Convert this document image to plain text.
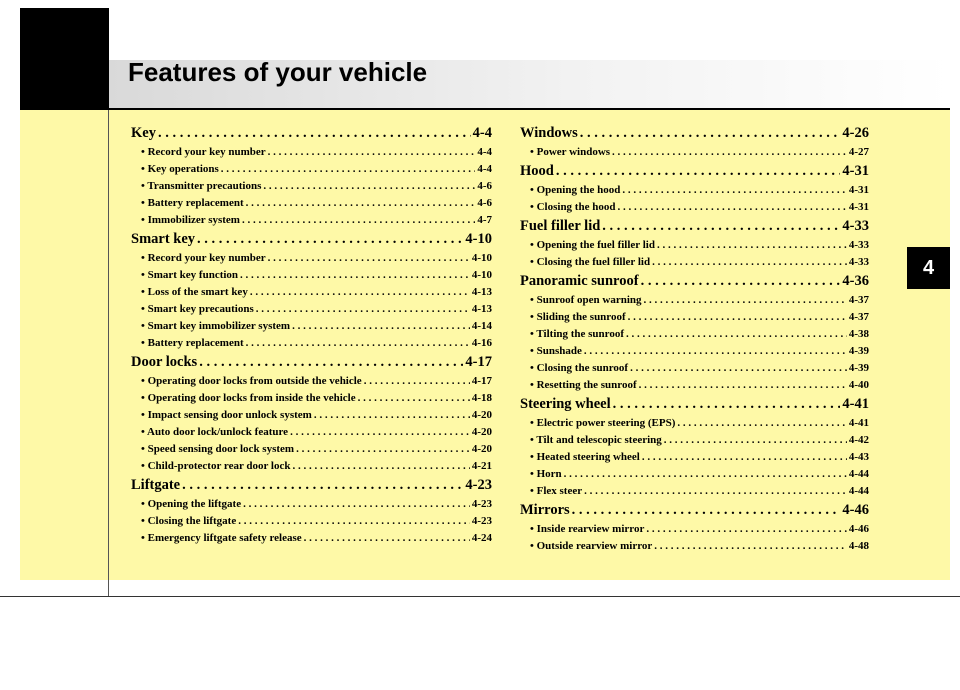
Features of your vehicle
4
Key . . .	4-4
• Record your key number . . .	4-4
• Key operations . . .	4-4
• Transmitter precautions . . .	4-6
• Battery replacement . . .	4-6
• Immobilizer system . . .	4-7
Smart key . . .	4-10
• Record your key number . . .	4-10
• Smart key function . . .	4-10
• Loss of the smart key . . .	4-13
• Smart key precautions . . .	4-13
• Smart key immobilizer system . . .	4-14
• Battery replacement . . .	4-16
Door locks . . .	4-17
• Operating door locks from outside the vehicle . . .	4-17
• Operating door locks from inside the vehicle . . .	4-18
• Impact sensing door unlock system . . .	4-20
• Auto door lock/unlock feature . . .	4-20
• Speed sensing door lock system . . .	4-20
• Child-protector rear door lock . . .	4-21
Liftgate . . .	4-23
• Opening the liftgate . . .	4-23
• Closing the liftgate . . .	4-23
• Emergency liftgate safety release . . .	4-24
Windows . . .	4-26
• Power windows . . .	4-27
Hood . . .	4-31
• Opening the hood . . .	4-31
• Closing the hood . . .	4-31
Fuel filler lid . . .	4-33
• Opening the fuel filler lid . . .	4-33
• Closing the fuel filler lid . . .	4-33
Panoramic sunroof . . .	4-36
• Sunroof open warning . . .	4-37
• Sliding the sunroof . . .	4-37
• Tilting the sunroof . . .	4-38
• Sunshade . . .	4-39
• Closing the sunroof . . .	4-39
• Resetting the sunroof . . .	4-40
Steering wheel . . .	4-41
• Electric power steering (EPS) . . .	4-41
• Tilt and telescopic steering . . .	4-42
• Heated steering wheel . . .	4-43
• Horn . . .	4-44
• Flex steer . . .	4-44
Mirrors . . .	4-46
• Inside rearview mirror . . .	4-46
• Outside rearview mirror . . .	4-48
